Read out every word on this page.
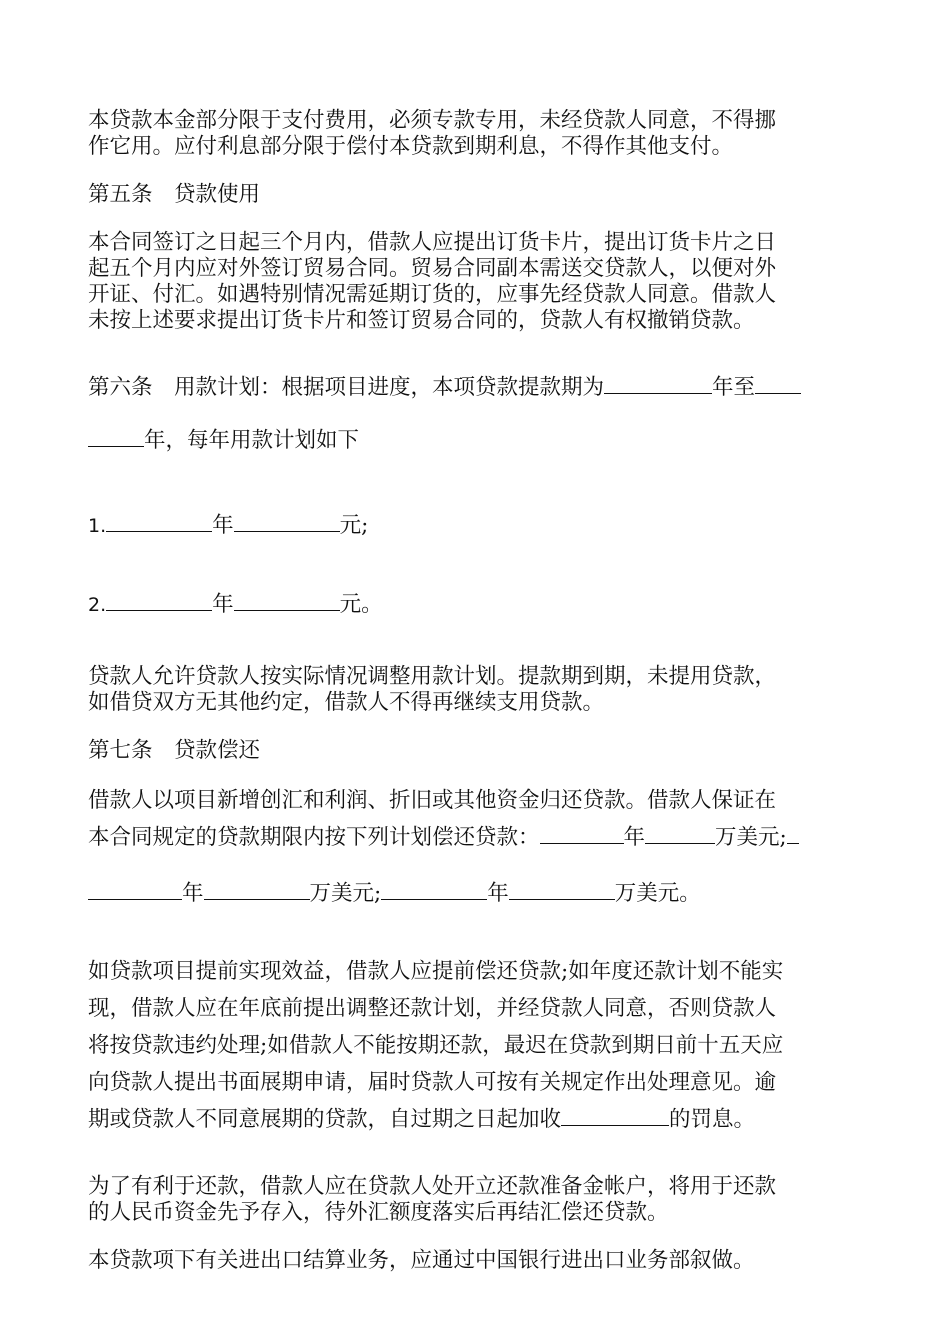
本贷款本金部分限于支付费用，必须专款专用，未经贷款人同意，不得挪

作它用。应付利息部分限于偿付本贷款到期利息，不得作其他支付。

第五条　贷款使用

本合同签订之日起三个月内，借款人应提出订货卡片，提出订货卡片之日

起五个月内应对外签订贸易合同。贸易合同副本需送交贷款人，以便对外

开证、付汇。如遇特别情况需延期订货的，应事先经贷款人同意。借款人

未按上述要求提出订货卡片和签订贸易合同的，贷款人有权撤销贷款。

第六条　用款计划：根据项目进度，本项贷款提款期为	年至

年，每年用款计划如下

1.	年	元;

2.	年	元。

贷款人允许贷款人按实际情况调整用款计划。提款期到期，未提用贷款，

如借贷双方无其他约定，借款人不得再继续支用贷款。

第七条　贷款偿还

借款人以项目新增创汇和利润、折旧或其他资金归还贷款。借款人保证在

本合同规定的贷款期限内按下列计划偿还贷款：	年	万美元;

年	万美元;	年	万美元。

如贷款项目提前实现效益，借款人应提前偿还贷款;如年度还款计划不能实

现，借款人应在年底前提出调整还款计划，并经贷款人同意，否则贷款人

将按贷款违约处理;如借款人不能按期还款，最迟在贷款到期日前十五天应

向贷款人提出书面展期申请，届时贷款人可按有关规定作出处理意见。逾

期或贷款人不同意展期的贷款，自过期之日起加收	的罚息。

为了有利于还款，借款人应在贷款人处开立还款准备金帐户，将用于还款

的人民币资金先予存入，待外汇额度落实后再结汇偿还贷款。

本贷款项下有关进出口结算业务，应通过中国银行进出口业务部叙做。
